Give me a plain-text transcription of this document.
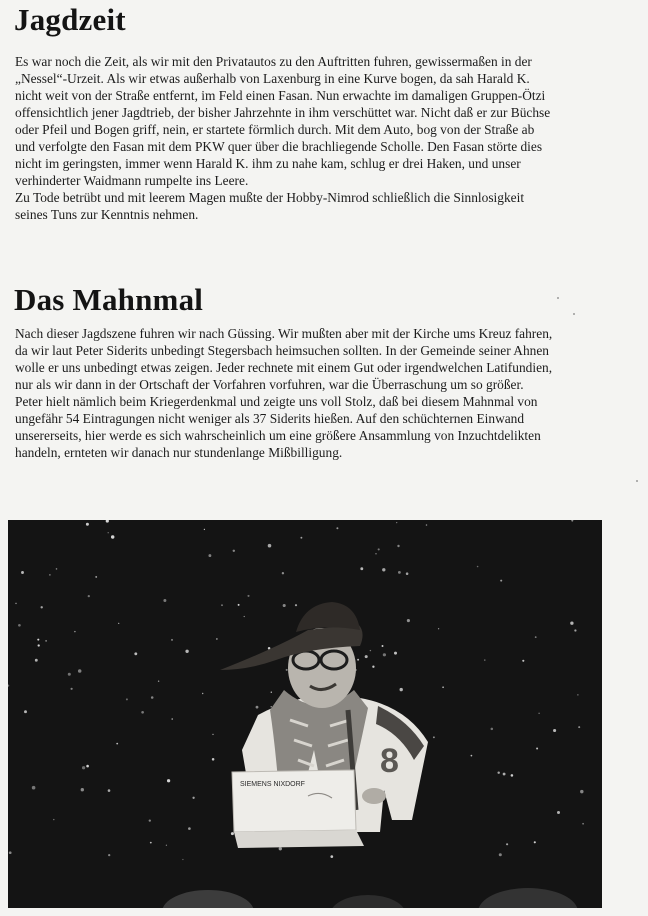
Jagdzeit
Es war noch die Zeit, als wir mit den Privatautos zu den Auftritten fuhren, gewissermaßen in der
„Nessel“-Urzeit. Als wir etwas außerhalb von Laxenburg in eine Kurve bogen, da sah Harald K.
nicht weit von der Straße entfernt, im Feld einen Fasan. Nun erwachte im damaligen Gruppen-Ötzi
offensichtlich jener Jagdtrieb, der bisher Jahrzehnte in ihm verschüttet war. Nicht daß er zur Büchse
oder Pfeil und Bogen griff, nein, er startete förmlich durch. Mit dem Auto, bog von der Straße ab
und verfolgte den Fasan mit dem PKW quer über die brachliegende Scholle. Den Fasan störte dies
nicht im geringsten, immer wenn Harald K. ihm zu nahe kam, schlug er drei Haken, und unser
verhinderter Waidmann rumpelte ins Leere.
Zu Tode betrübt und mit leerem Magen mußte der Hobby-Nimrod schließlich die Sinnlosigkeit
seines Tuns zur Kenntnis nehmen.
Das Mahnmal
Nach dieser Jagdszene fuhren wir nach Güssing. Wir mußten aber mit der Kirche ums Kreuz fahren,
da wir laut Peter Siderits unbedingt Stegersbach heimsuchen sollten. In der Gemeinde seiner Ahnen
wolle er uns unbedingt etwas zeigen. Jeder rechnete mit einem Gut oder irgendwelchen Latifundien,
nur als wir dann in der Ortschaft der Vorfahren vorfuhren, war die Überraschung um so größer.
Peter hielt nämlich beim Kriegerdenkmal und zeigte uns voll Stolz, daß bei diesem Mahnmal von
ungefähr 54 Eintragungen nicht weniger als 37 Siderits hießen. Auf den schüchternen Einwand
unsererseits, hier werde es sich wahrscheinlich um eine größere Ansammlung von Inzuchtdelikten
handeln, ernteten wir danach nur stundenlange Mißbilligung.
8
SIEMENS NIXDORF
